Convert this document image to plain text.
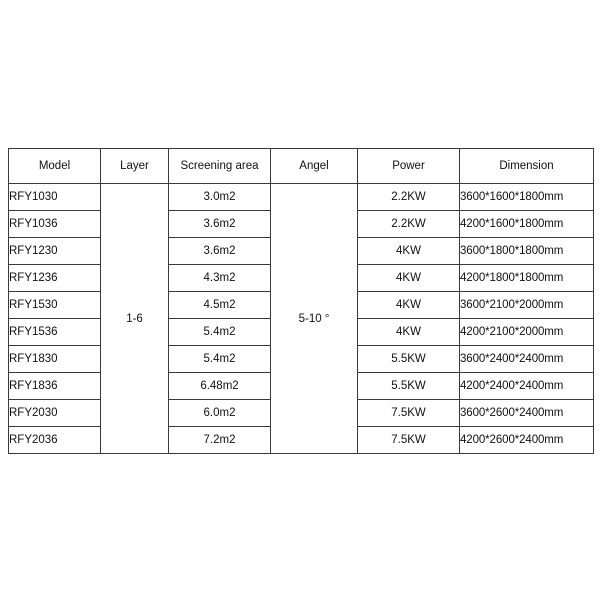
Model	Layer	Screening area	Angel	Power	Dimension
RFY1030	1-6	3.0m2	5-10 °	2.2KW	3600*1600*1800mm
RFY1036		3.6m2		2.2KW	4200*1600*1800mm
RFY1230		3.6m2		4KW	3600*1800*1800mm
RFY1236		4.3m2		4KW	4200*1800*1800mm
RFY1530		4.5m2		4KW	3600*2100*2000mm
RFY1536		5.4m2		4KW	4200*2100*2000mm
RFY1830		5.4m2		5.5KW	3600*2400*2400mm
RFY1836		6.48m2		5.5KW	4200*2400*2400mm
RFY2030		6.0m2		7.5KW	3600*2600*2400mm
RFY2036		7.2m2		7.5KW	4200*2600*2400mm
